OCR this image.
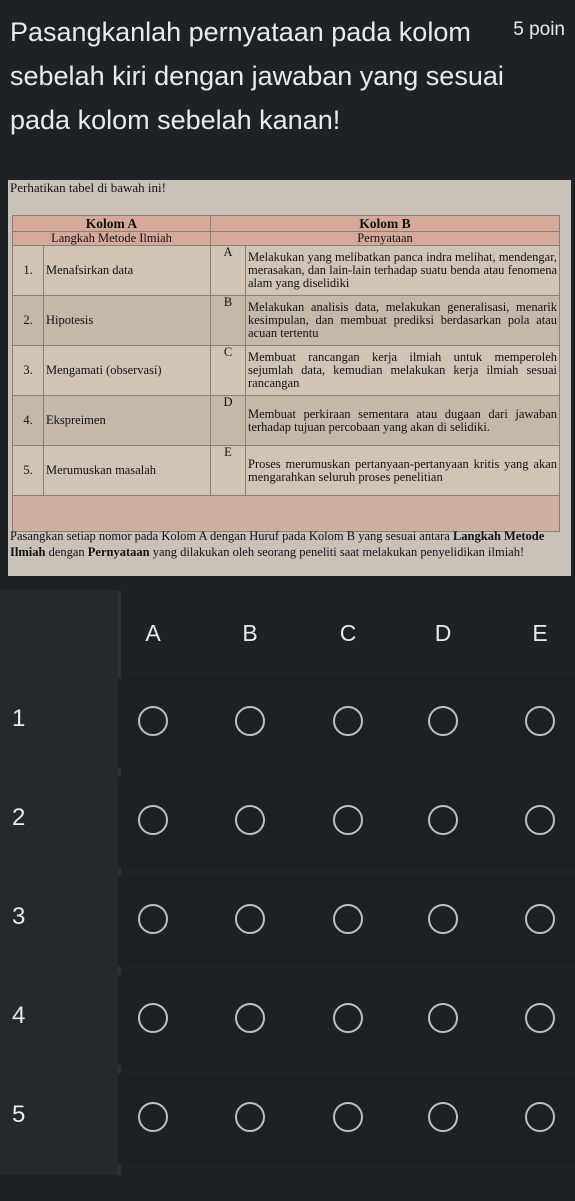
Pasangkanlah pernyataan pada kolom sebelah kiri dengan jawaban yang sesuai pada kolom sebelah kanan!
5 poin
Perhatikan tabel di bawah ini!
Kolom A		Kolom B	
Langkah Metode Ilmiah		Pernyataan	
1.	Menafsirkan data	A	Melakukan yang melibatkan panca indra melihat, mendengar, merasakan, dan lain-lain terhadap suatu benda atau fenomena alam yang diselidiki
2.	Hipotesis	B	Melakukan analisis data, melakukan generalisasi, menarik kesimpulan, dan membuat prediksi berdasarkan pola atau acuan tertentu
3.	Mengamati (observasi)	C	Membuat rancangan kerja ilmiah untuk memperoleh sejumlah data, kemudian melakukan kerja ilmiah sesuai rancangan
4.	Ekspreimen	D	Membuat perkiraan sementara atau dugaan dari jawaban terhadap tujuan percobaan yang akan di selidiki.
5.	Merumuskan masalah	E	Proses merumuskan pertanyaan-pertanyaan kritis yang akan mengarahkan seluruh proses penelitian

Pasangkan setiap nomor pada Kolom A dengan Huruf pada Kolom B yang sesuai antara Langkah Metode Ilmiah dengan Pernyataan yang dilakukan oleh seorang peneliti saat melakukan penyelidikan ilmiah!
A	B	C	D	E
1
2
3
4
5
